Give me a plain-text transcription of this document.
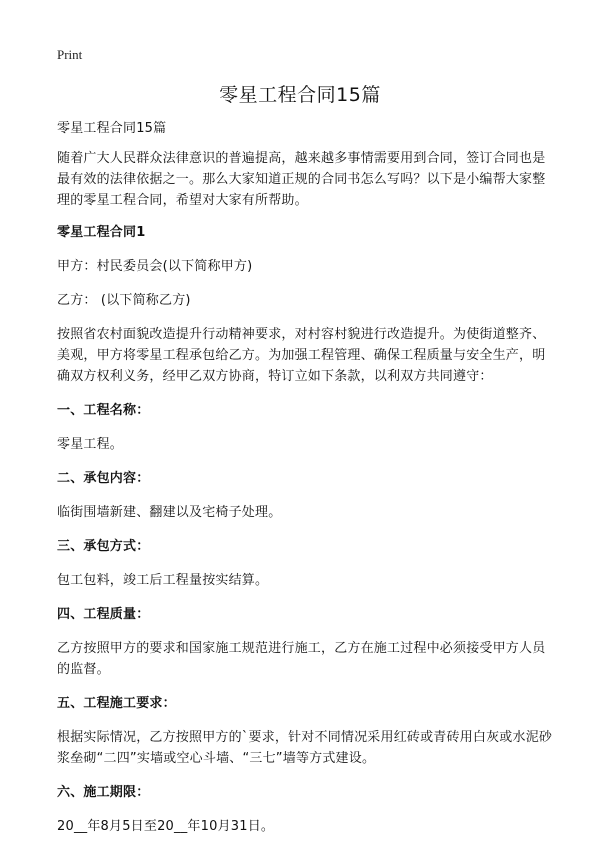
Print
零星工程合同15篇

零星工程合同15篇

随着广大人民群众法律意识的普遍提高，越来越多事情需要用到合同，签订合同也是最有效的法律依据之一。那么大家知道正规的合同书怎么写吗？以下是小编帮大家整理的零星工程合同，希望对大家有所帮助。

零星工程合同1

甲方：村民委员会(以下简称甲方)

乙方： (以下简称乙方)

按照省农村面貌改造提升行动精神要求，对村容村貌进行改造提升。为使街道整齐、美观，甲方将零星工程承包给乙方。为加强工程管理、确保工程质量与安全生产，明确双方权利义务，经甲乙双方协商，特订立如下条款，以利双方共同遵守：

一、工程名称：

零星工程。

二、承包内容：

临街围墙新建、翻建以及宅椅子处理。

三、承包方式：

包工包料，竣工后工程量按实结算。

四、工程质量：

乙方按照甲方的要求和国家施工规范进行施工，乙方在施工过程中必须接受甲方人员的监督。

五、工程施工要求：

根据实际情况，乙方按照甲方的`要求，针对不同情况采用红砖或青砖用白灰或水泥砂浆垒砌“二四”实墙或空心斗墙、“三七”墙等方式建设。

六、施工期限：

20__年8月5日至20__年10月31日。
